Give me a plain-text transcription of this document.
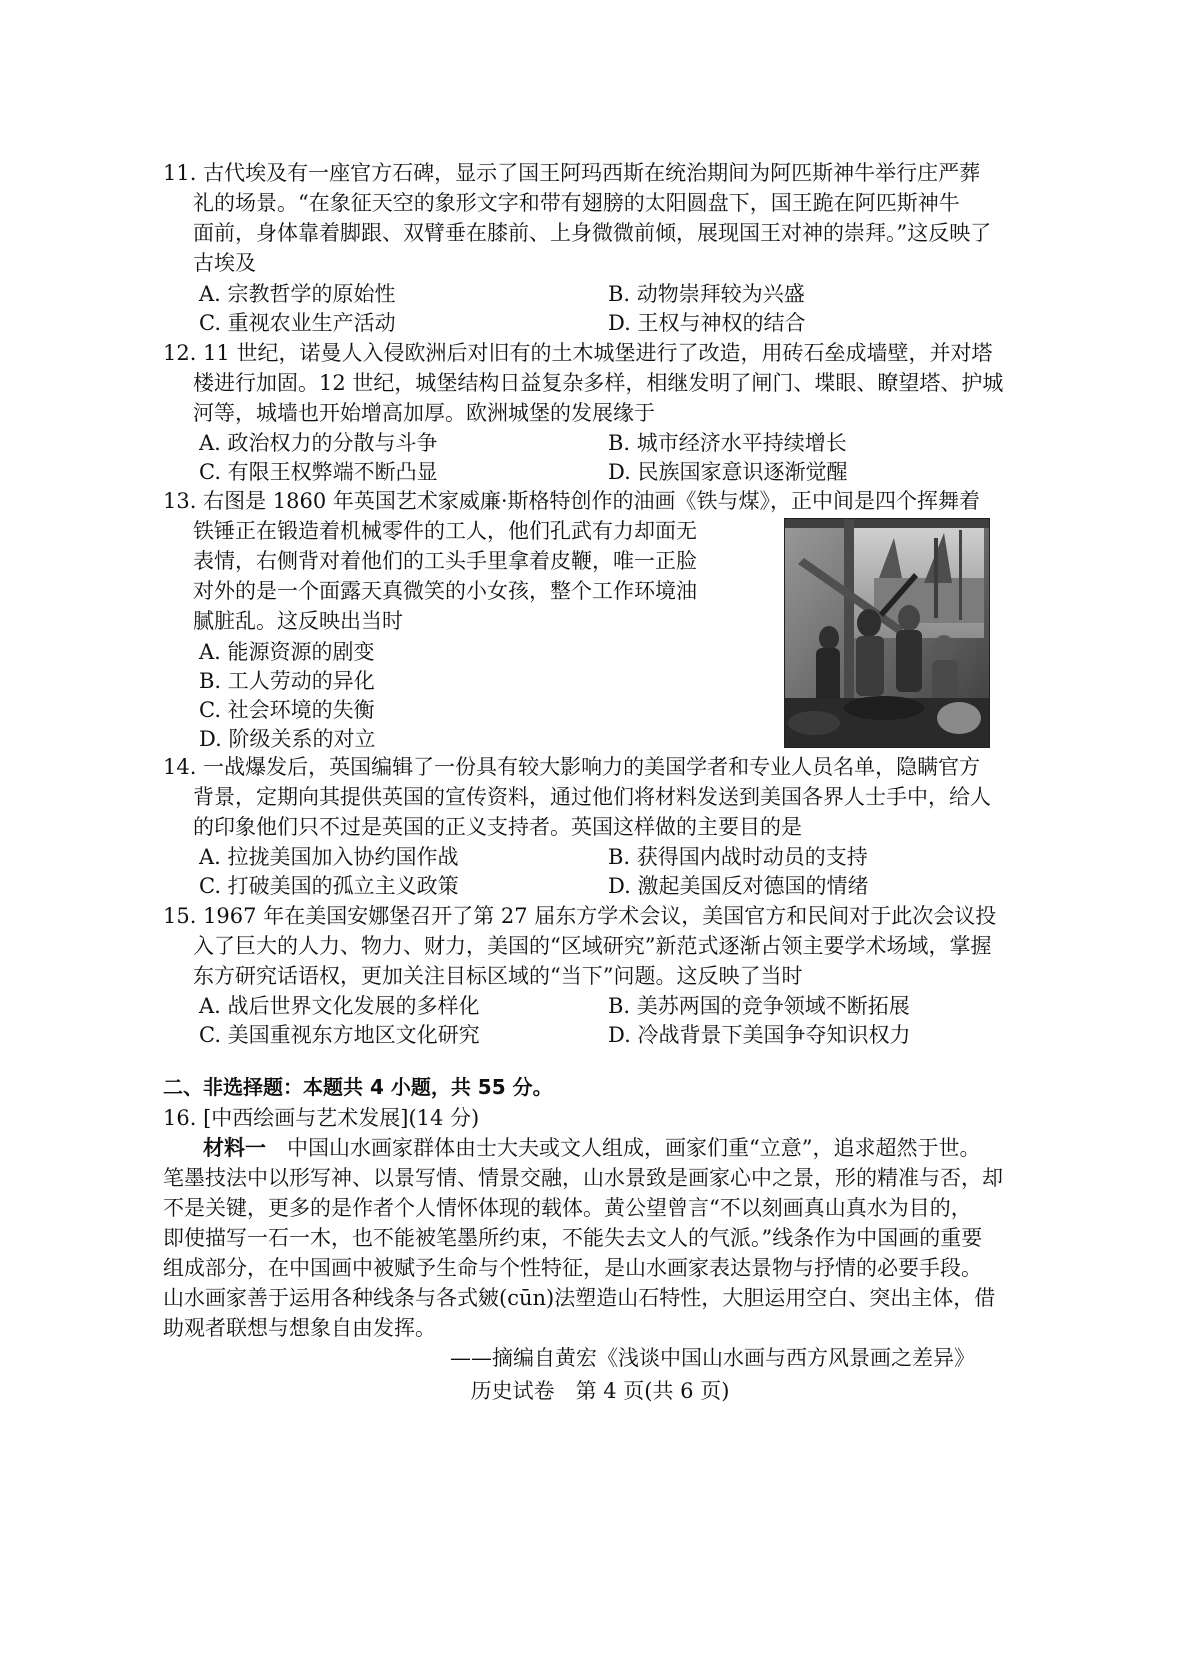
11. 古代埃及有一座官方石碑，显示了国王阿玛西斯在统治期间为阿匹斯神牛举行庄严葬
礼的场景。“在象征天空的象形文字和带有翅膀的太阳圆盘下，国王跪在阿匹斯神牛
面前，身体靠着脚跟、双臂垂在膝前、上身微微前倾，展现国王对神的崇拜。”这反映了
古埃及
A. 宗教哲学的原始性	B. 动物崇拜较为兴盛
C. 重视农业生产活动	D. 王权与神权的结合
12. 11 世纪，诺曼人入侵欧洲后对旧有的土木城堡进行了改造，用砖石垒成墙壁，并对塔
楼进行加固。12 世纪，城堡结构日益复杂多样，相继发明了闸门、堞眼、瞭望塔、护城
河等，城墙也开始增高加厚。欧洲城堡的发展缘于
A. 政治权力的分散与斗争	B. 城市经济水平持续增长
C. 有限王权弊端不断凸显	D. 民族国家意识逐渐觉醒
13. 右图是 1860 年英国艺术家威廉·斯格特创作的油画《铁与煤》，正中间是四个挥舞着
铁锤正在锻造着机械零件的工人，他们孔武有力却面无
表情，右侧背对着他们的工头手里拿着皮鞭，唯一正脸
对外的是一个面露天真微笑的小女孩，整个工作环境油
腻脏乱。这反映出当时
A. 能源资源的剧变
B. 工人劳动的异化
C. 社会环境的失衡
D. 阶级关系的对立
14. 一战爆发后，英国编辑了一份具有较大影响力的美国学者和专业人员名单，隐瞒官方
背景，定期向其提供英国的宣传资料，通过他们将材料发送到美国各界人士手中，给人
的印象他们只不过是英国的正义支持者。英国这样做的主要目的是
A. 拉拢美国加入协约国作战	B. 获得国内战时动员的支持
C. 打破美国的孤立主义政策	D. 激起美国反对德国的情绪
15. 1967 年在美国安娜堡召开了第 27 届东方学术会议，美国官方和民间对于此次会议投
入了巨大的人力、物力、财力，美国的“区域研究”新范式逐渐占领主要学术场域，掌握
东方研究话语权，更加关注目标区域的“当下”问题。这反映了当时
A. 战后世界文化发展的多样化	B. 美苏两国的竞争领域不断拓展
C. 美国重视东方地区文化研究	D. 冷战背景下美国争夺知识权力
二、非选择题：本题共 4 小题，共 55 分。
16. [中西绘画与艺术发展](14 分)
材料一　 中国山水画家群体由士大夫或文人组成，画家们重“立意”，追求超然于世。
笔墨技法中以形写神、以景写情、情景交融，山水景致是画家心中之景，形的精准与否，却
不是关键，更多的是作者个人情怀体现的载体。黄公望曾言“不以刻画真山真水为目的，
即使描写一石一木，也不能被笔墨所约束，不能失去文人的气派。”线条作为中国画的重要
组成部分，在中国画中被赋予生命与个性特征，是山水画家表达景物与抒情的必要手段。
山水画家善于运用各种线条与各式皴(cūn)法塑造山石特性，大胆运用空白、突出主体，借
助观者联想与想象自由发挥。
——摘编自黄宏《浅谈中国山水画与西方风景画之差异》
历史试卷　第 4 页(共 6 页)
